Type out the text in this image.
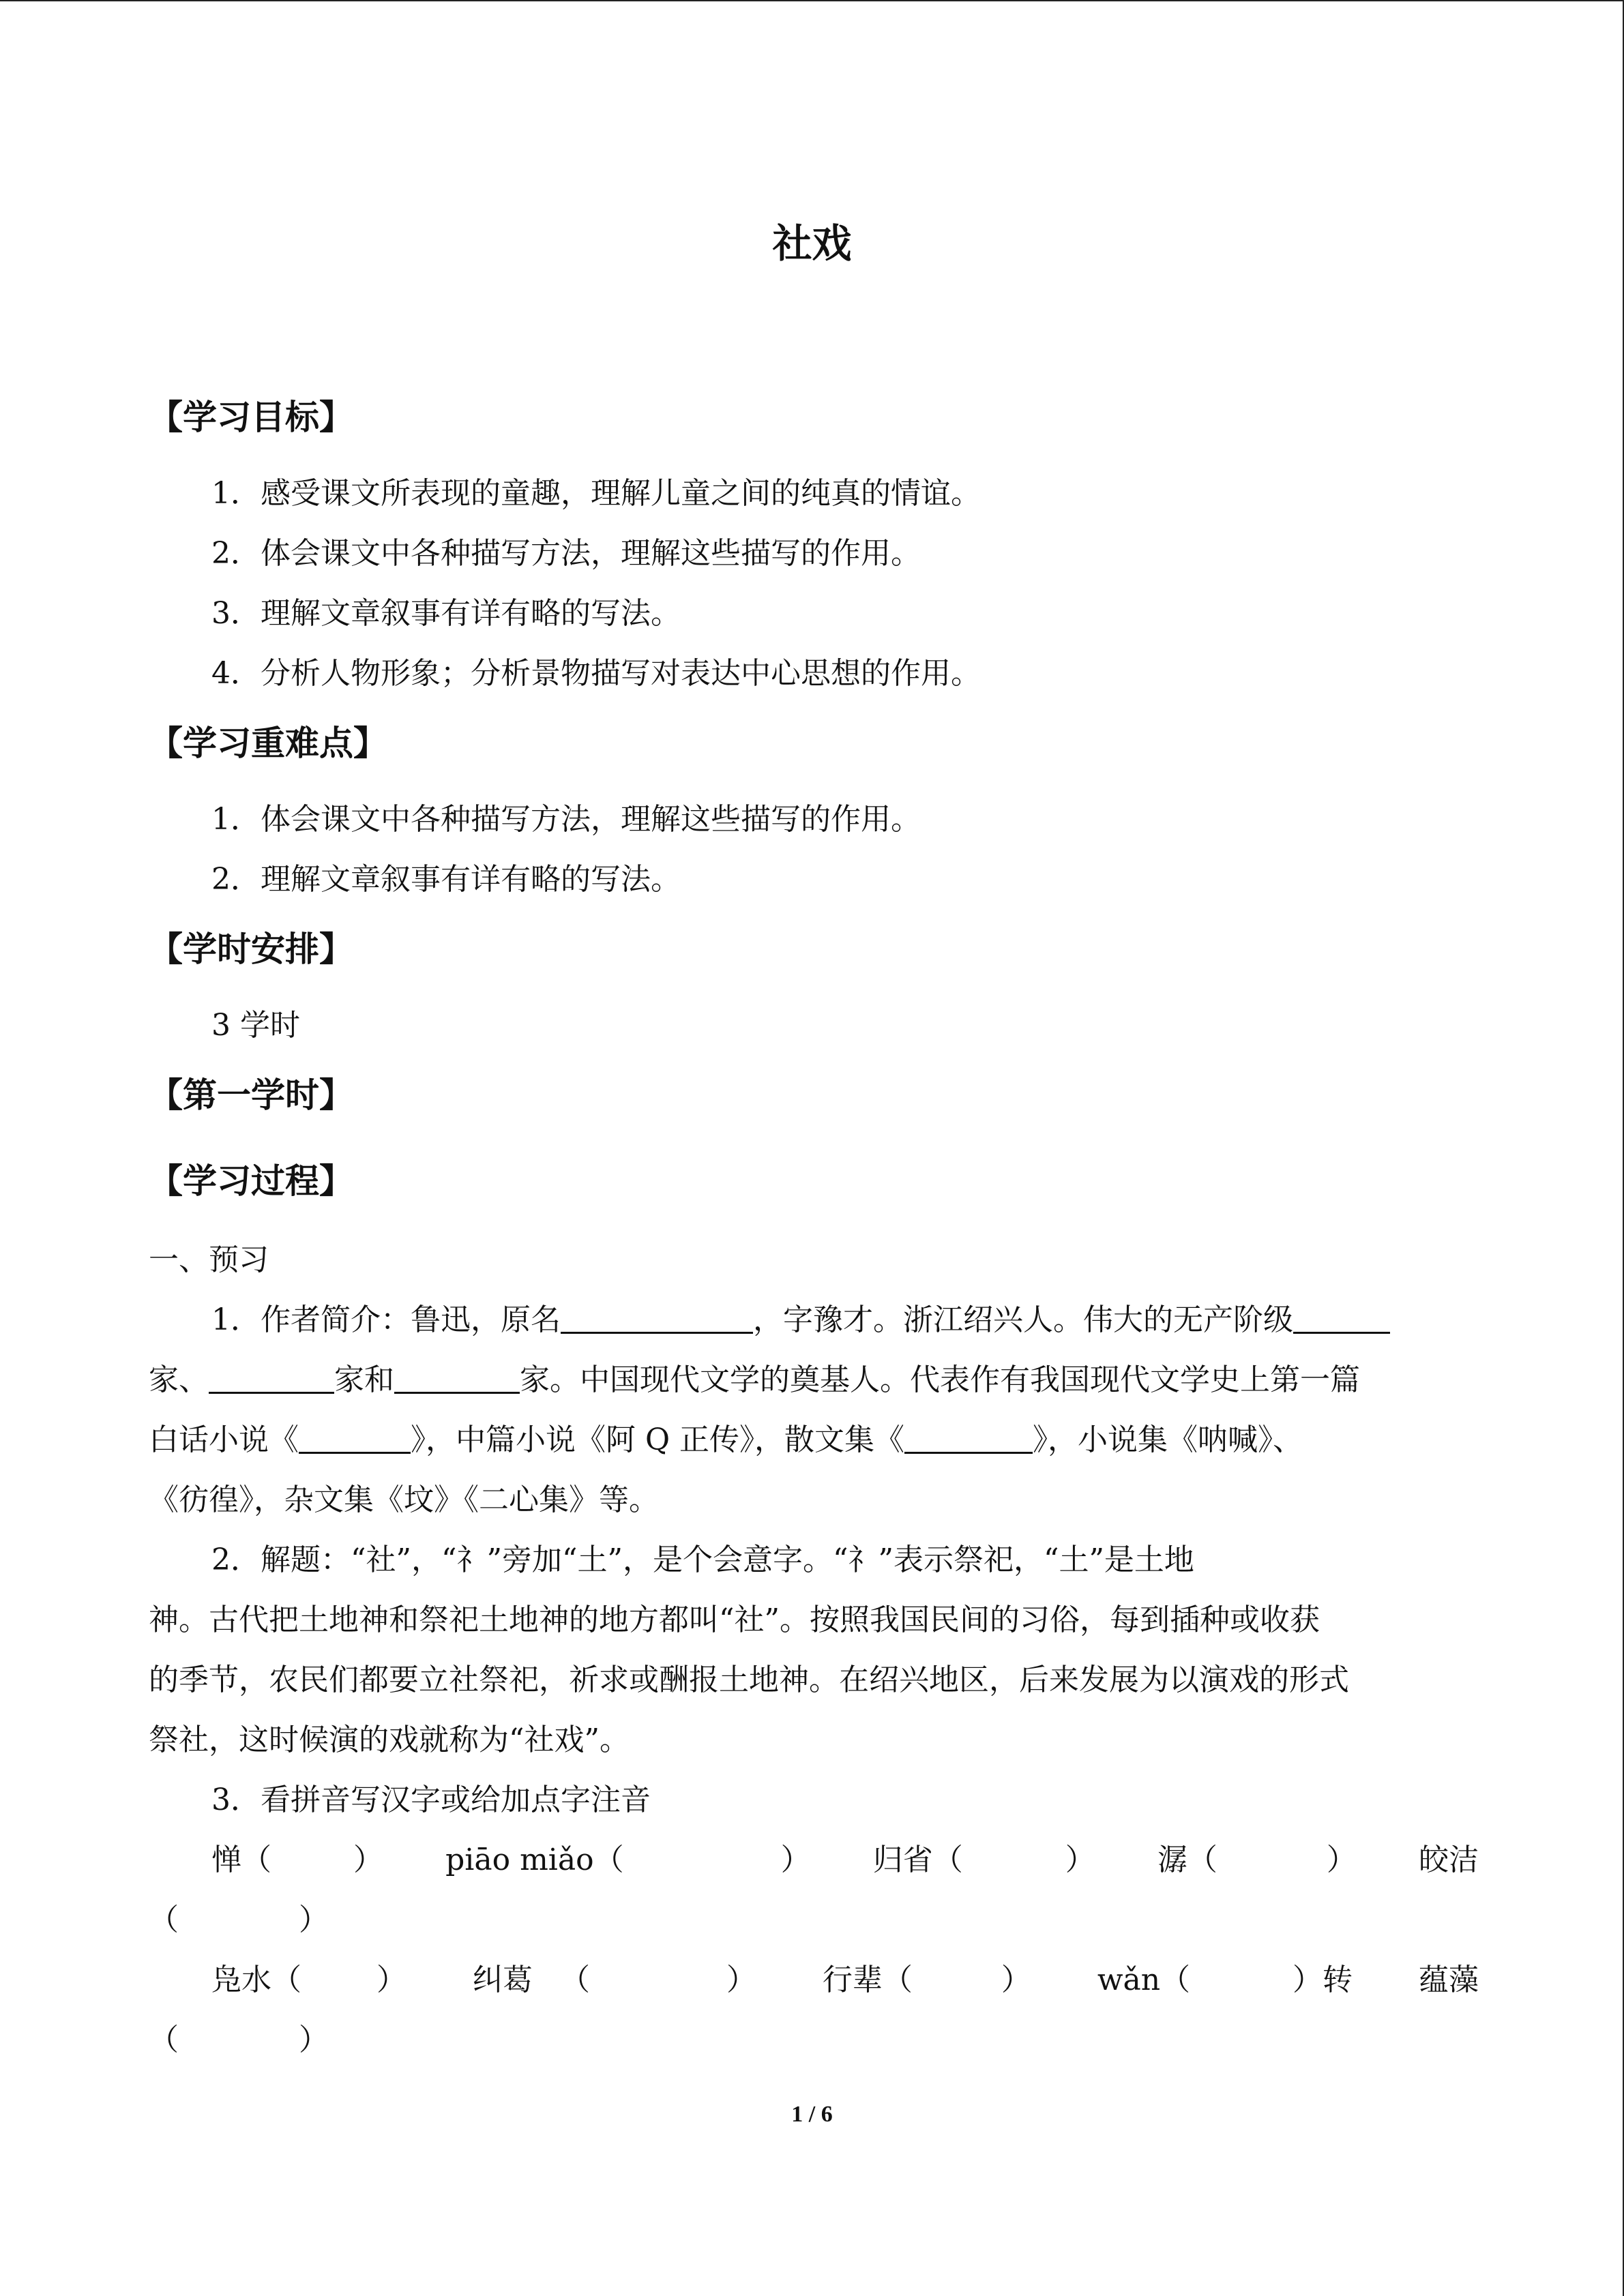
社戏
【学习目标】
1．感受课文所表现的童趣，理解儿童之间的纯真的情谊。
2．体会课文中各种描写方法，理解这些描写的作用。
3．理解文章叙事有详有略的写法。
4．分析人物形象；分析景物描写对表达中心思想的作用。
【学习重难点】
1．体会课文中各种描写方法，理解这些描写的作用。
2．理解文章叙事有详有略的写法。
【学时安排】
3 学时
【第一学时】
【学习过程】
一、预习
1．作者简介：鲁迅，原名	，字豫才。浙江绍兴人。伟大的无产阶级
家、	家和	家。中国现代文学的奠基人。代表作有我国现代文学史上第一篇
白话小说《	》，中篇小说《阿 Q 正传》，散文集《	》，小说集《呐喊》、
《彷徨》，杂文集《坟》《二心集》等。
2．解题：“社”，“礻”旁加“土”，是个会意字。“礻”表示祭祀，“土”是土地
神。古代把土地神和祭祀土地神的地方都叫“社”。按照我国民间的习俗，每到插种或收获
的季节，农民们都要立社祭祀，祈求或酬报土地神。在绍兴地区，后来发展为以演戏的形式
祭社，这时候演的戏就称为“社戏”。
3．看拼音写汉字或给加点字注音
惮（	） piāo miǎo（	） 归省（	） 潺（	） 皎洁
（　　　　）
凫水（	） 纠葛 （	） 行辈（	） wǎn（	）转 蕴藻
（　　　　）
1 / 6
